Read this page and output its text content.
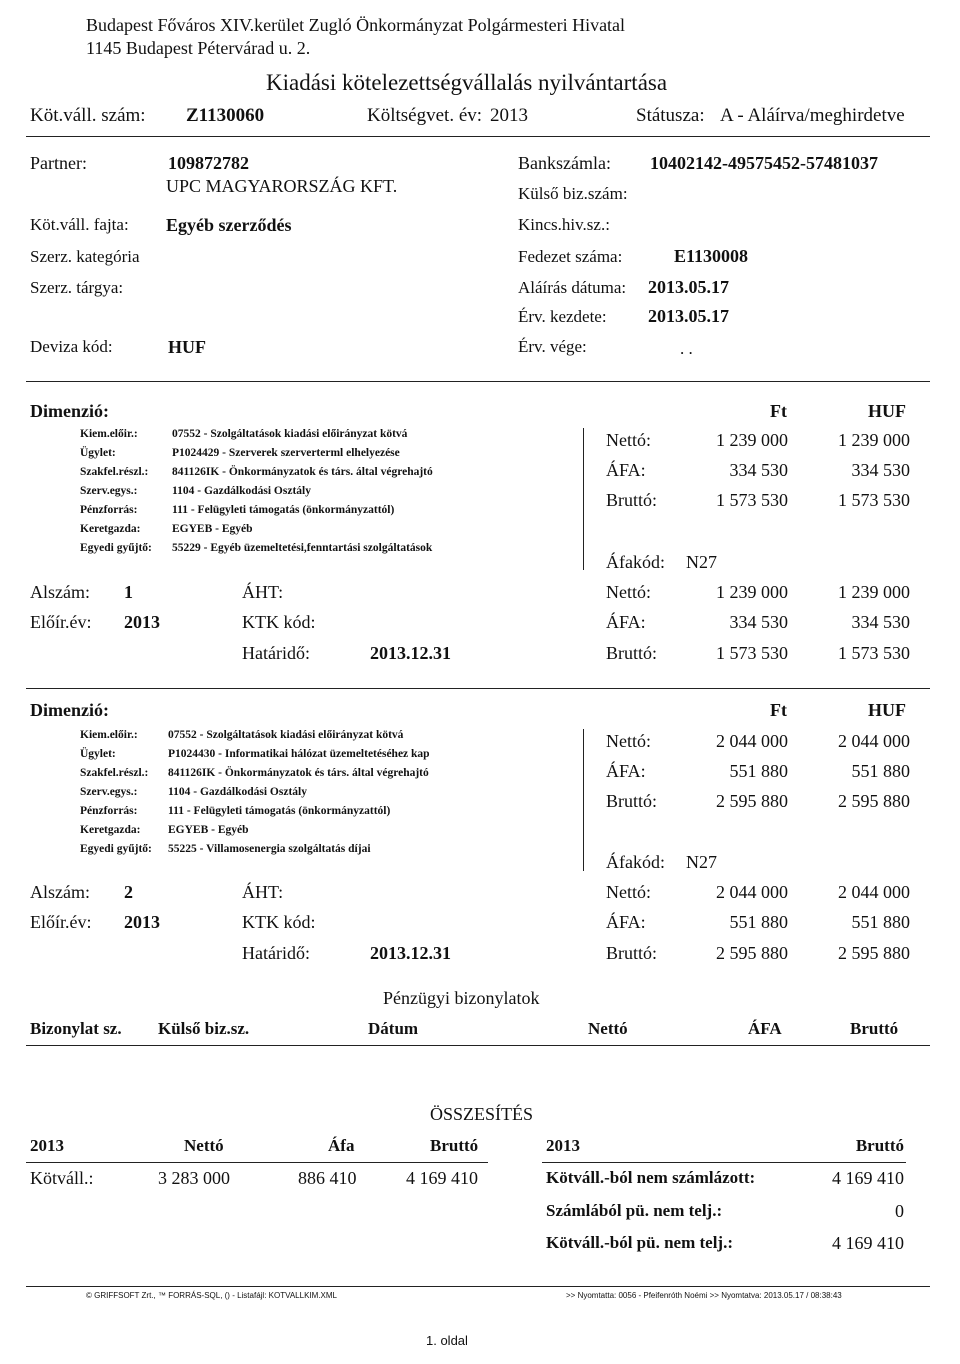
Budapest Főváros XIV.kerület Zugló Önkormányzat Polgármesteri Hivatal
1145 Budapest Pétervárad u. 2.
Kiadási kötelezettségvállalás nyilvántartása
Köt.váll. szám: Z1130060	Költségvet. év: 2013	Státusza: A - Aláírva/meghirdetve
Partner:	109872782
UPC MAGYARORSZÁG KFT.
Bankszámla: 10402142-49575452-57481037
Külső biz.szám:
Köt.váll. fajta: Egyéb szerződés	Kincs.hiv.sz.:
Szerz. kategória	Fedezet száma:	E1130008
Szerz. tárgya:	Aláírás dátuma: 2013.05.17
Érv. kezdete: 2013.05.17
Deviza kód:	HUF	Érv. vége:	. .
Dimenzió:	Ft	HUF
Kiem.előir.:	07552 - Szolgáltatások kiadási előirányzat kötvá
Ügylet:	P1024429 - Szerverek szerverterml elhelyezése
Szakfel.részl.: 841126IK - Önkormányzatok és társ. által végrehajtó
Szerv.egys.:	1104 - Gazdálkodási Osztály
Pénzforrás:	111 - Felügyleti támogatás (önkormányzattól)
Keretgazda:	EGYEB - Egyéb
Egyedi gyűjtő: 55229 - Egyéb üzemeltetési,fenntartási szolgáltatások
Nettó:	1 239 000	1 239 000
ÁFA:	334 530	334 530
Bruttó:	1 573 530	1 573 530
Áfakód: N27
Alszám: 1	ÁHT:	Nettó:	1 239 000	1 239 000
Előír.év: 2013	KTK kód:	ÁFA:	334 530	334 530
Határidő:	2013.12.31	Bruttó:	1 573 530	1 573 530
Dimenzió:	Ft	HUF
Kiem.előir.:	07552 - Szolgáltatások kiadási előirányzat kötvá
Ügylet:	P1024430 - Informatikai hálózat üzemeltetéséhez kap
Szakfel.részl.: 841126IK - Önkormányzatok és társ. által végrehajtó
Szerv.egys.:	1104 - Gazdálkodási Osztály
Pénzforrás:	111 - Felügyleti támogatás (önkormányzattól)
Keretgazda: EGYEB - Egyéb
Egyedi gyűjtő: 55225 - Villamosenergia szolgáltatás díjai
Nettó:	2 044 000	2 044 000
ÁFA:	551 880	551 880
Bruttó:	2 595 880	2 595 880
Áfakód: N27
Alszám: 2	ÁHT:	Nettó:	2 044 000	2 044 000
Előír.év: 2013	KTK kód:	ÁFA:	551 880	551 880
Határidő:	2013.12.31	Bruttó:	2 595 880	2 595 880
Pénzügyi bizonylatok
Bizonylat sz. Külső biz.sz.	Dátum	Nettó	ÁFA	Bruttó
ÖSSZESÍTÉS
2013	Nettó	Áfa	Bruttó
Kötváll.:	3 283 000	886 410	4 169 410
2013	Bruttó
Kötváll.-ból nem számlázott:	4 169 410
Számlából pü. nem telj.:	0
Kötváll.-ból pü. nem telj.:	4 169 410
© GRIFFSOFT Zrt., ™ FORRÁS-SQL, () - Listafájl: KOTVALLKIM.XML	>> Nyomtatta: 0056 - Pfeifenróth Noémi >> Nyomtatva: 2013.05.17 / 08:38:43
1. oldal
